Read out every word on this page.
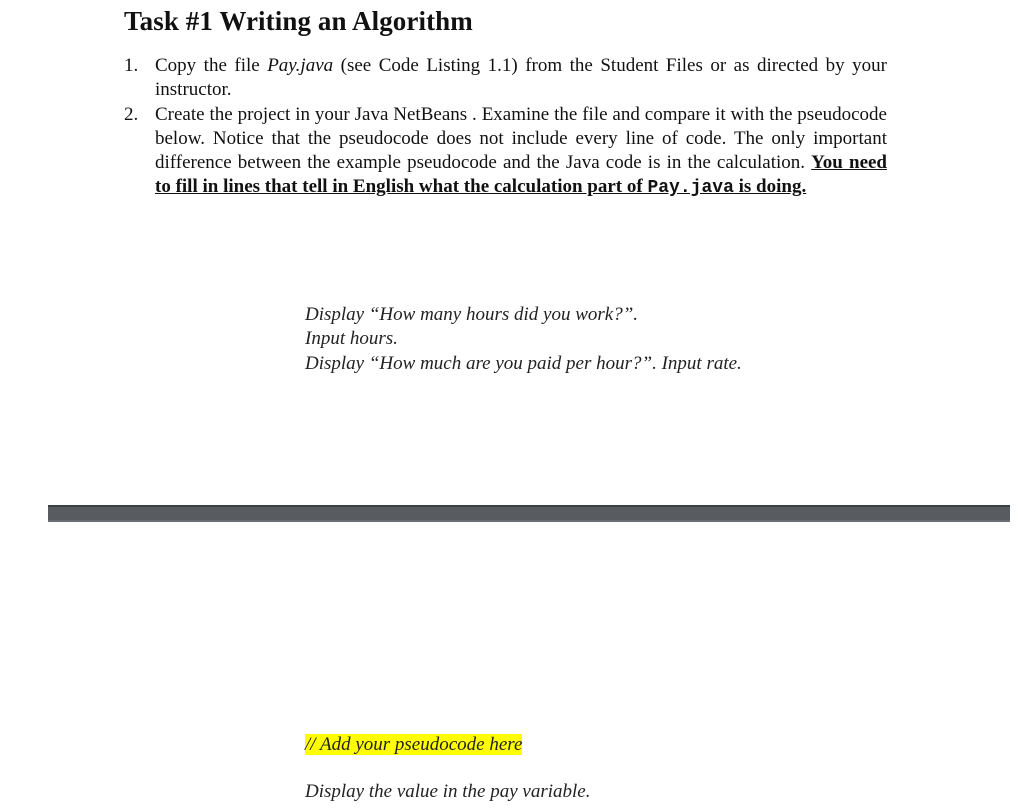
Task #1 Writing an Algorithm
1. Copy the file Pay.java (see Code Listing 1.1) from the Student Files or as directed by your instructor.
2. Create the project in your Java NetBeans . Examine the file and compare it with the pseudocode below. Notice that the pseudocode does not include every line of code. The only important difference between the example pseudocode and the Java code is in the calculation. You need to fill in lines that tell in English what the calculation part of Pay.java is doing.
Display “How many hours did you work?”.
Input hours.
Display “How much are you paid per hour?”. Input rate.
// Add your pseudocode here
Display the value in the pay variable.
